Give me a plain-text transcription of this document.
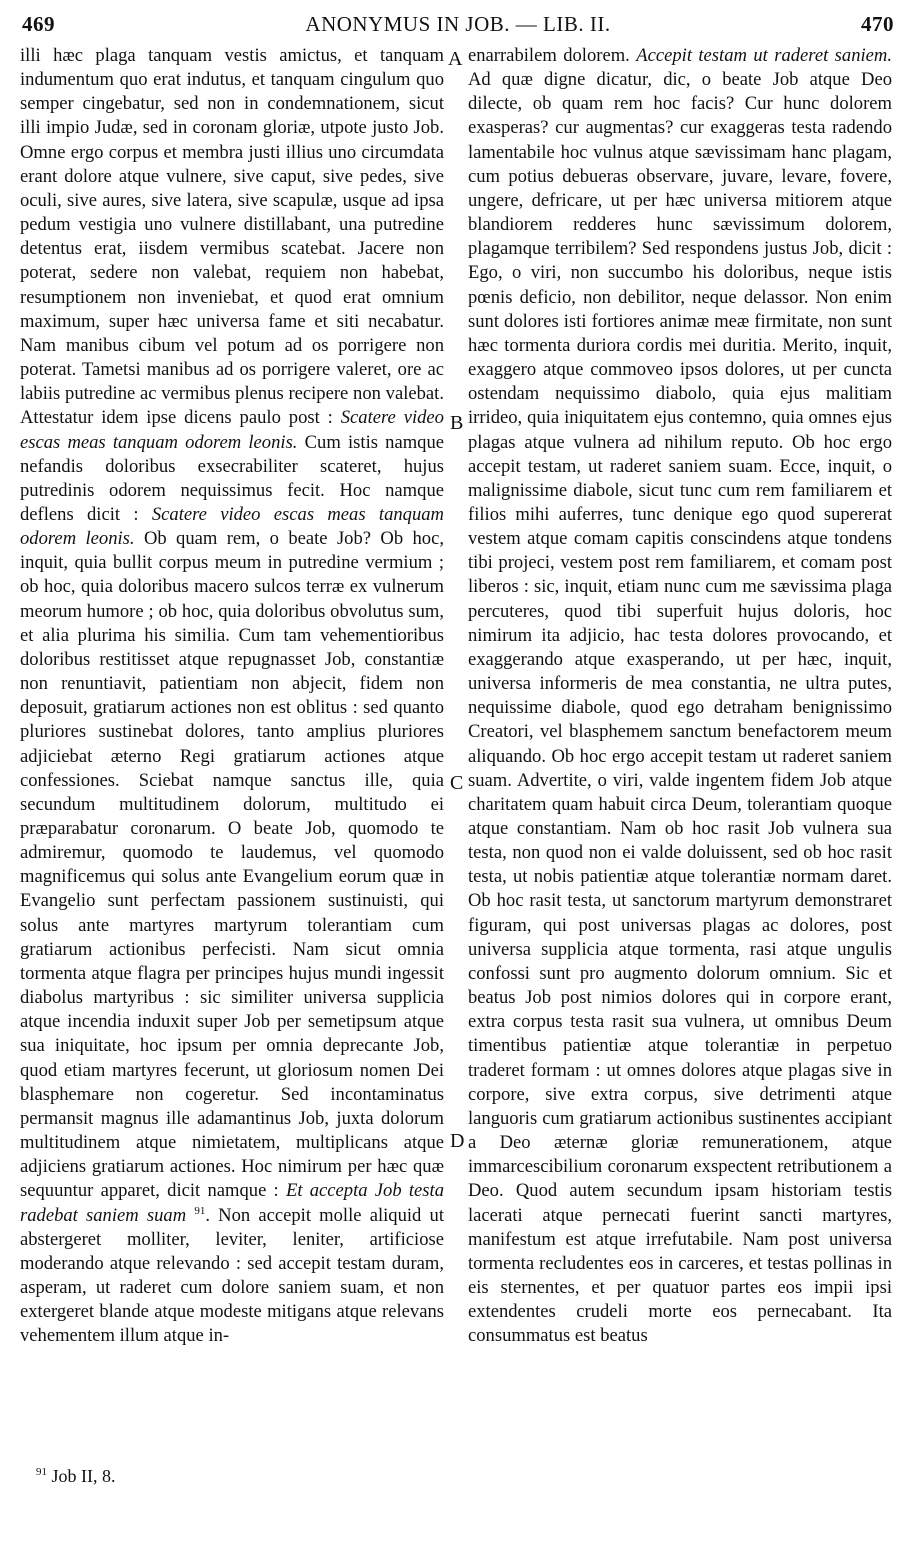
469	ANONYMUS IN JOB. — LIB. II.	470

illi hæc plaga tanquam vestis amictus, et tanquam indumentum quo erat indutus, et tanquam cingulum quo semper cingebatur, sed non in condemnationem, sicut illi impio Judæ, sed in coronam gloriæ, utpote justo Job. Omne ergo corpus et membra justi illius uno circumdata erant dolore atque vulnere, sive caput, sive pedes, sive oculi, sive aures, sive latera, sive scapulæ, usque ad ipsa pedum vestigia uno vulnere distillabant, una putredine detentus erat, iisdem vermibus scatebat. Jacere non poterat, sedere non valebat, requiem non habebat, resumptionem non inveniebat, et quod erat omnium maximum, super hæc universa fame et siti necabatur. Nam manibus cibum vel potum ad os porrigere non poterat. Tametsi manibus ad os porrigere valeret, ore ac labiis putredine ac vermibus plenus recipere non valebat. Attestatur idem ipse dicens paulo post : Scatere video escas meas tanquam odorem leonis. Cum istis namque nefandis doloribus exsecrabiliter scateret, hujus putredinis odorem nequissimus fecit. Hoc namque deflens dicit : Scatere video escas meas tanquam odorem leonis. Ob quam rem, o beate Job? Ob hoc, inquit, quia bullit corpus meum in putredine vermium ; ob hoc, quia doloribus macero sulcos terræ ex vulnerum meorum humore ; ob hoc, quia doloribus obvolutus sum, et alia plurima his similia. Cum tam vehementioribus doloribus restitisset atque repugnasset Job, constantiæ non renuntiavit, patientiam non abjecit, fidem non deposuit, gratiarum actiones non est oblitus : sed quanto pluriores sustinebat dolores, tanto amplius pluriores adjiciebat æterno Regi gratiarum actiones atque confessiones. Sciebat namque sanctus ille, quia secundum multitudinem dolorum, multitudo ei præparabatur coronarum. O beate Job, quomodo te admiremur, quomodo te laudemus, vel quomodo magnificemus qui solus ante Evangelium eorum quæ in Evangelio sunt perfectam passionem sustinuisti, qui solus ante martyres martyrum tolerantiam cum gratiarum actionibus perfecisti. Nam sicut omnia tormenta atque flagra per principes hujus mundi ingessit diabolus martyribus : sic similiter universa supplicia atque incendia induxit super Job per semetipsum atque sua iniquitate, hoc ipsum per omnia deprecante Job, quod etiam martyres fecerunt, ut gloriosum nomen Dei blasphemare non cogeretur. Sed incontaminatus permansit magnus ille adamantinus Job, juxta dolorum multitudinem atque nimietatem, multiplicans atque adjiciens gratiarum actiones. Hoc nimirum per hæc quæ sequuntur apparet, dicit namque : Et accepta Job testa radebat saniem suam $^{91}$. Non accepit molle aliquid ut abstergeret molliter, leviter, leniter, artificiose moderando atque relevando : sed accepit testam duram, asperam, ut raderet cum dolore saniem suam, et non extergeret blande atque modeste mitigans atque relevans vehementem illum atque in-

A
B
C
D

enarrabilem dolorem. Accepit testam ut raderet saniem. Ad quæ digne dicatur, dic, o beate Job atque Deo dilecte, ob quam rem hoc facis? Cur hunc dolorem exasperas? cur augmentas? cur exaggeras testa radendo lamentabile hoc vulnus atque sævissimam hanc plagam, cum potius debueras observare, juvare, levare, fovere, ungere, defricare, ut per hæc universa mitiorem atque blandiorem redderes hunc sævissimum dolorem, plagamque terribilem? Sed respondens justus Job, dicit : Ego, o viri, non succumbo his doloribus, neque istis pœnis deficio, non debilitor, neque delassor. Non enim sunt dolores isti fortiores animæ meæ firmitate, non sunt hæc tormenta duriora cordis mei duritia. Merito, inquit, exaggero atque commoveo ipsos dolores, ut per cuncta ostendam nequissimo diabolo, quia ejus malitiam irrideo, quia iniquitatem ejus contemno, quia omnes ejus plagas atque vulnera ad nihilum reputo. Ob hoc ergo accepit testam, ut raderet saniem suam. Ecce, inquit, o malignissime diabole, sicut tunc cum rem familiarem et filios mihi auferres, tunc denique ego quod supererat vestem atque comam capitis conscindens atque tondens tibi projeci, vestem post rem familiarem, et comam post liberos : sic, inquit, etiam nunc cum me sævissima plaga percuteres, quod tibi superfuit hujus doloris, hoc nimirum ita adjicio, hac testa dolores provocando, et exaggerando atque exasperando, ut per hæc, inquit, universa informeris de mea constantia, ne ultra putes, nequissime diabole, quod ego detraham benignissimo Creatori, vel blasphemem sanctum benefactorem meum aliquando. Ob hoc ergo accepit testam ut raderet saniem suam. Advertite, o viri, valde ingentem fidem Job atque charitatem quam habuit circa Deum, tolerantiam quoque atque constantiam. Nam ob hoc rasit Job vulnera sua testa, non quod non ei valde doluissent, sed ob hoc rasit testa, ut nobis patientiæ atque tolerantiæ normam daret. Ob hoc rasit testa, ut sanctorum martyrum demonstraret figuram, qui post universas plagas ac dolores, post universa supplicia atque tormenta, rasi atque ungulis confossi sunt pro augmento dolorum omnium. Sic et beatus Job post nimios dolores qui in corpore erant, extra corpus testa rasit sua vulnera, ut omnibus Deum timentibus patientiæ atque tolerantiæ in perpetuo traderet formam : ut omnes dolores atque plagas sive in corpore, sive extra corpus, sive detrimenti atque languoris cum gratiarum actionibus sustinentes accipiant a Deo æternæ gloriæ remunerationem, atque immarcescibilium coronarum exspectent retributionem a Deo. Quod autem secundum ipsam historiam testis lacerati atque pernecati fuerint sancti martyres, manifestum est atque irrefutabile. Nam post universa tormenta recludentes eos in carceres, et testas pollinas in eis sternentes, et per quatuor partes eos impii ipsi extendentes crudeli morte eos pernecabant. Ita consummatus est beatus

$^{91}$ Job II, 8.
